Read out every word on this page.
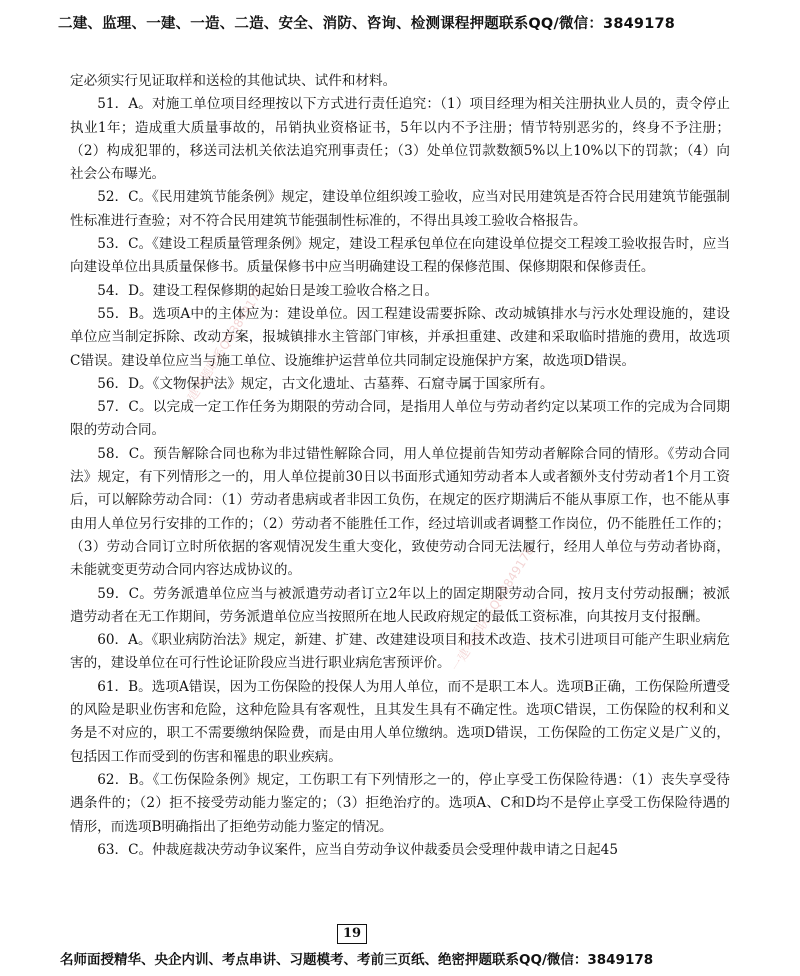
二建、监理、一建、一造、二造、安全、消防、咨询、检测课程押题联系QQ/微信：3849178

定必须实行见证取样和送检的其他试块、试件和材料。

51．A。对施工单位项目经理按以下方式进行责任追究：（1）项目经理为相关注册执业人员的，责令停止执业1年；造成重大质量事故的，吊销执业资格证书，5年以内不予注册；情节特别恶劣的，终身不予注册；（2）构成犯罪的，移送司法机关依法追究刑事责任；（3）处单位罚款数额5%以上10%以下的罚款；（4）向社会公布曝光。

52．C。《民用建筑节能条例》规定，建设单位组织竣工验收，应当对民用建筑是否符合民用建筑节能强制性标准进行查验；对不符合民用建筑节能强制性标准的，不得出具竣工验收合格报告。

53．C。《建设工程质量管理条例》规定，建设工程承包单位在向建设单位提交工程竣工验收报告时，应当向建设单位出具质量保修书。质量保修书中应当明确建设工程的保修范围、保修期限和保修责任。

54．D。建设工程保修期的起始日是竣工验收合格之日。

55．B。选项A中的主体应为：建设单位。因工程建设需要拆除、改动城镇排水与污水处理设施的，建设单位应当制定拆除、改动方案，报城镇排水主管部门审核，并承担重建、改建和采取临时措施的费用，故选项C错误。建设单位应当与施工单位、设施维护运营单位共同制定设施保护方案，故选项D错误。

56．D。《文物保护法》规定，古文化遗址、古墓葬、石窟寺属于国家所有。

57．C。以完成一定工作任务为期限的劳动合同，是指用人单位与劳动者约定以某项工作的完成为合同期限的劳动合同。

58．C。预告解除合同也称为非过错性解除合同，用人单位提前告知劳动者解除合同的情形。《劳动合同法》规定，有下列情形之一的，用人单位提前30日以书面形式通知劳动者本人或者额外支付劳动者1个月工资后，可以解除劳动合同：（1）劳动者患病或者非因工负伤，在规定的医疗期满后不能从事原工作，也不能从事由用人单位另行安排的工作的；（2）劳动者不能胜任工作，经过培训或者调整工作岗位，仍不能胜任工作的；（3）劳动合同订立时所依据的客观情况发生重大变化，致使劳动合同无法履行，经用人单位与劳动者协商，未能就变更劳动合同内容达成协议的。

59．C。劳务派遣单位应当与被派遣劳动者订立2年以上的固定期限劳动合同，按月支付劳动报酬；被派遣劳动者在无工作期间，劳务派遣单位应当按照所在地人民政府规定的最低工资标准，向其按月支付报酬。

60．A。《职业病防治法》规定，新建、扩建、改建建设项目和技术改造、技术引进项目可能产生职业病危害的，建设单位在可行性论证阶段应当进行职业病危害预评价。

61．B。选项A错误，因为工伤保险的投保人为用人单位，而不是职工本人。选项B正确，工伤保险所遭受的风险是职业伤害和危险，这种危险具有客观性，且其发生具有不确定性。选项C错误，工伤保险的权利和义务是不对应的，职工不需要缴纳保险费，而是由用人单位缴纳。选项D错误，工伤保险的工伤定义是广义的，包括因工作而受到的伤害和罹患的职业疾病。

62．B。《工伤保险条例》规定，工伤职工有下列情形之一的，停止享受工伤保险待遇：（1）丧失享受待遇条件的；（2）拒不接受劳动能力鉴定的；（3）拒绝治疗的。选项A、C和D均不是停止享受工伤保险待遇的情形，而选项B明确指出了拒绝劳动能力鉴定的情况。

63．C。仲裁庭裁决劳动争议案件，应当自劳动争议仲裁委员会受理仲裁申请之日起45

一建考题联系QQ3849178
一建考题联系QQ3849178
19
名师面授精华、央企内训、考点串讲、习题模考、考前三页纸、绝密押题联系QQ/微信：3849178
